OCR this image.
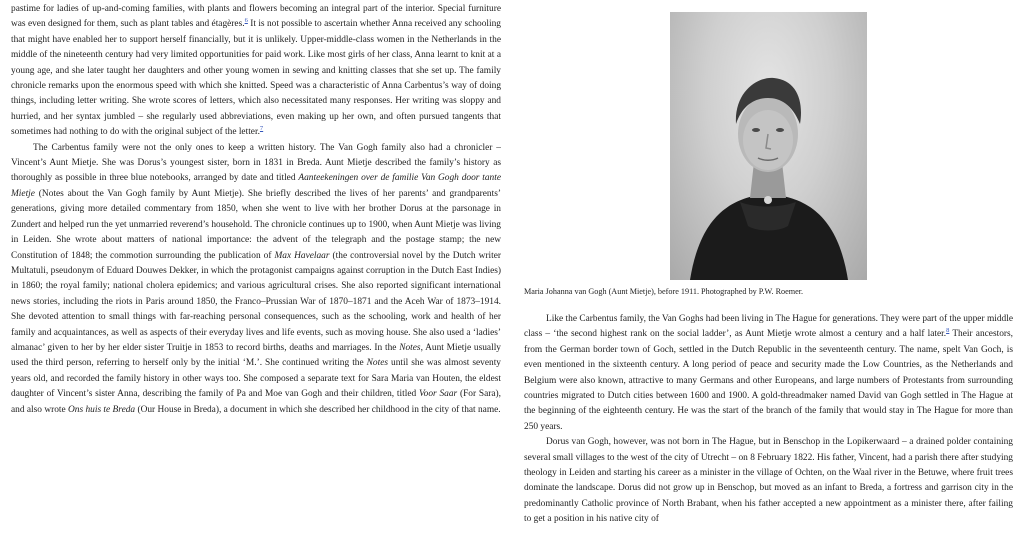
pastime for ladies of up-and-coming families, with plants and flowers becoming an integral part of the interior. Special furniture was even designed for them, such as plant tables and étagères.$^6$ It is not possible to ascertain whether Anna received any schooling that might have enabled her to support herself financially, but it is unlikely. Upper-middle-class women in the Netherlands in the middle of the nineteenth century had very limited opportunities for paid work. Like most girls of her class, Anna learnt to knit at a young age, and she later taught her daughters and other young women in sewing and knitting classes that she set up. The family chronicle remarks upon the enormous speed with which she knitted. Speed was a characteristic of Anna Carbentus’s way of doing things, including letter writing. She wrote scores of letters, which also necessitated many responses. Her writing was sloppy and hurried, and her syntax jumbled – she regularly used abbreviations, even making up her own, and often pursued tangents that sometimes had nothing to do with the original subject of the letter.$^7$

The Carbentus family were not the only ones to keep a written history. The Van Gogh family also had a chronicler – Vincent’s Aunt Mietje. She was Dorus’s youngest sister, born in 1831 in Breda. Aunt Mietje described the family’s history as thoroughly as possible in three blue notebooks, arranged by date and titled Aanteekeningen over de familie Van Gogh door tante Mietje (Notes about the Van Gogh family by Aunt Mietje). She briefly described the lives of her parents’ and grandparents’ generations, giving more detailed commentary from 1850, when she went to live with her brother Dorus at the parsonage in Zundert and helped run the yet unmarried reverend’s household. The chronicle continues up to 1900, when Aunt Mietje was living in Leiden. She wrote about matters of national importance: the advent of the telegraph and the postage stamp; the new Constitution of 1848; the commotion surrounding the publication of Max Havelaar (the controversial novel by the Dutch writer Multatuli, pseudonym of Eduard Douwes Dekker, in which the protagonist campaigns against corruption in the Dutch East Indies) in 1860; the royal family; national cholera epidemics; and various agricultural crises. She also reported significant international news stories, including the riots in Paris around 1850, the Franco–Prussian War of 1870–1871 and the Aceh War of 1873–1914. She devoted attention to small things with far-reaching personal consequences, such as the schooling, work and health of her family and acquaintances, as well as aspects of their everyday lives and life events, such as moving house. She also used a ‘ladies’ almanac’ given to her by her elder sister Truitje in 1853 to record births, deaths and marriages. In the Notes, Aunt Mietje usually used the third person, referring to herself only by the initial ‘M.’. She continued writing the Notes until she was almost seventy years old, and recorded the family history in other ways too. She composed a separate text for Sara Maria van Houten, the eldest daughter of Vincent’s sister Anna, describing the family of Pa and Moe van Gogh and their children, titled Voor Saar (For Sara), and also wrote Ons huis te Breda (Our House in Breda), a document in which she described her childhood in the city of that name.

Maria Johanna van Gogh (Aunt Mietje), before 1911. Photographed by P.W. Roemer.

Like the Carbentus family, the Van Goghs had been living in The Hague for generations. They were part of the upper middle class – ‘the second highest rank on the social ladder’, as Aunt Mietje wrote almost a century and a half later.$^8$ Their ancestors, from the German border town of Goch, settled in the Dutch Republic in the seventeenth century. The name, spelt Van Goch, is even mentioned in the sixteenth century. A long period of peace and security made the Low Countries, as the Netherlands and Belgium were also known, attractive to many Germans and other Europeans, and large numbers of Protestants from surrounding countries migrated to Dutch cities between 1600 and 1900. A gold-threadmaker named David van Gogh settled in The Hague at the beginning of the eighteenth century. He was the start of the branch of the family that would stay in The Hague for more than 250 years.

Dorus van Gogh, however, was not born in The Hague, but in Benschop in the Lopikerwaard – a drained polder containing several small villages to the west of the city of Utrecht – on 8 February 1822. His father, Vincent, had a parish there after studying theology in Leiden and starting his career as a minister in the village of Ochten, on the Waal river in the Betuwe, where fruit trees dominate the landscape. Dorus did not grow up in Benschop, but moved as an infant to Breda, a fortress and garrison city in the predominantly Catholic province of North Brabant, when his father accepted a new appointment as a minister there, after failing to get a position in his native city of
